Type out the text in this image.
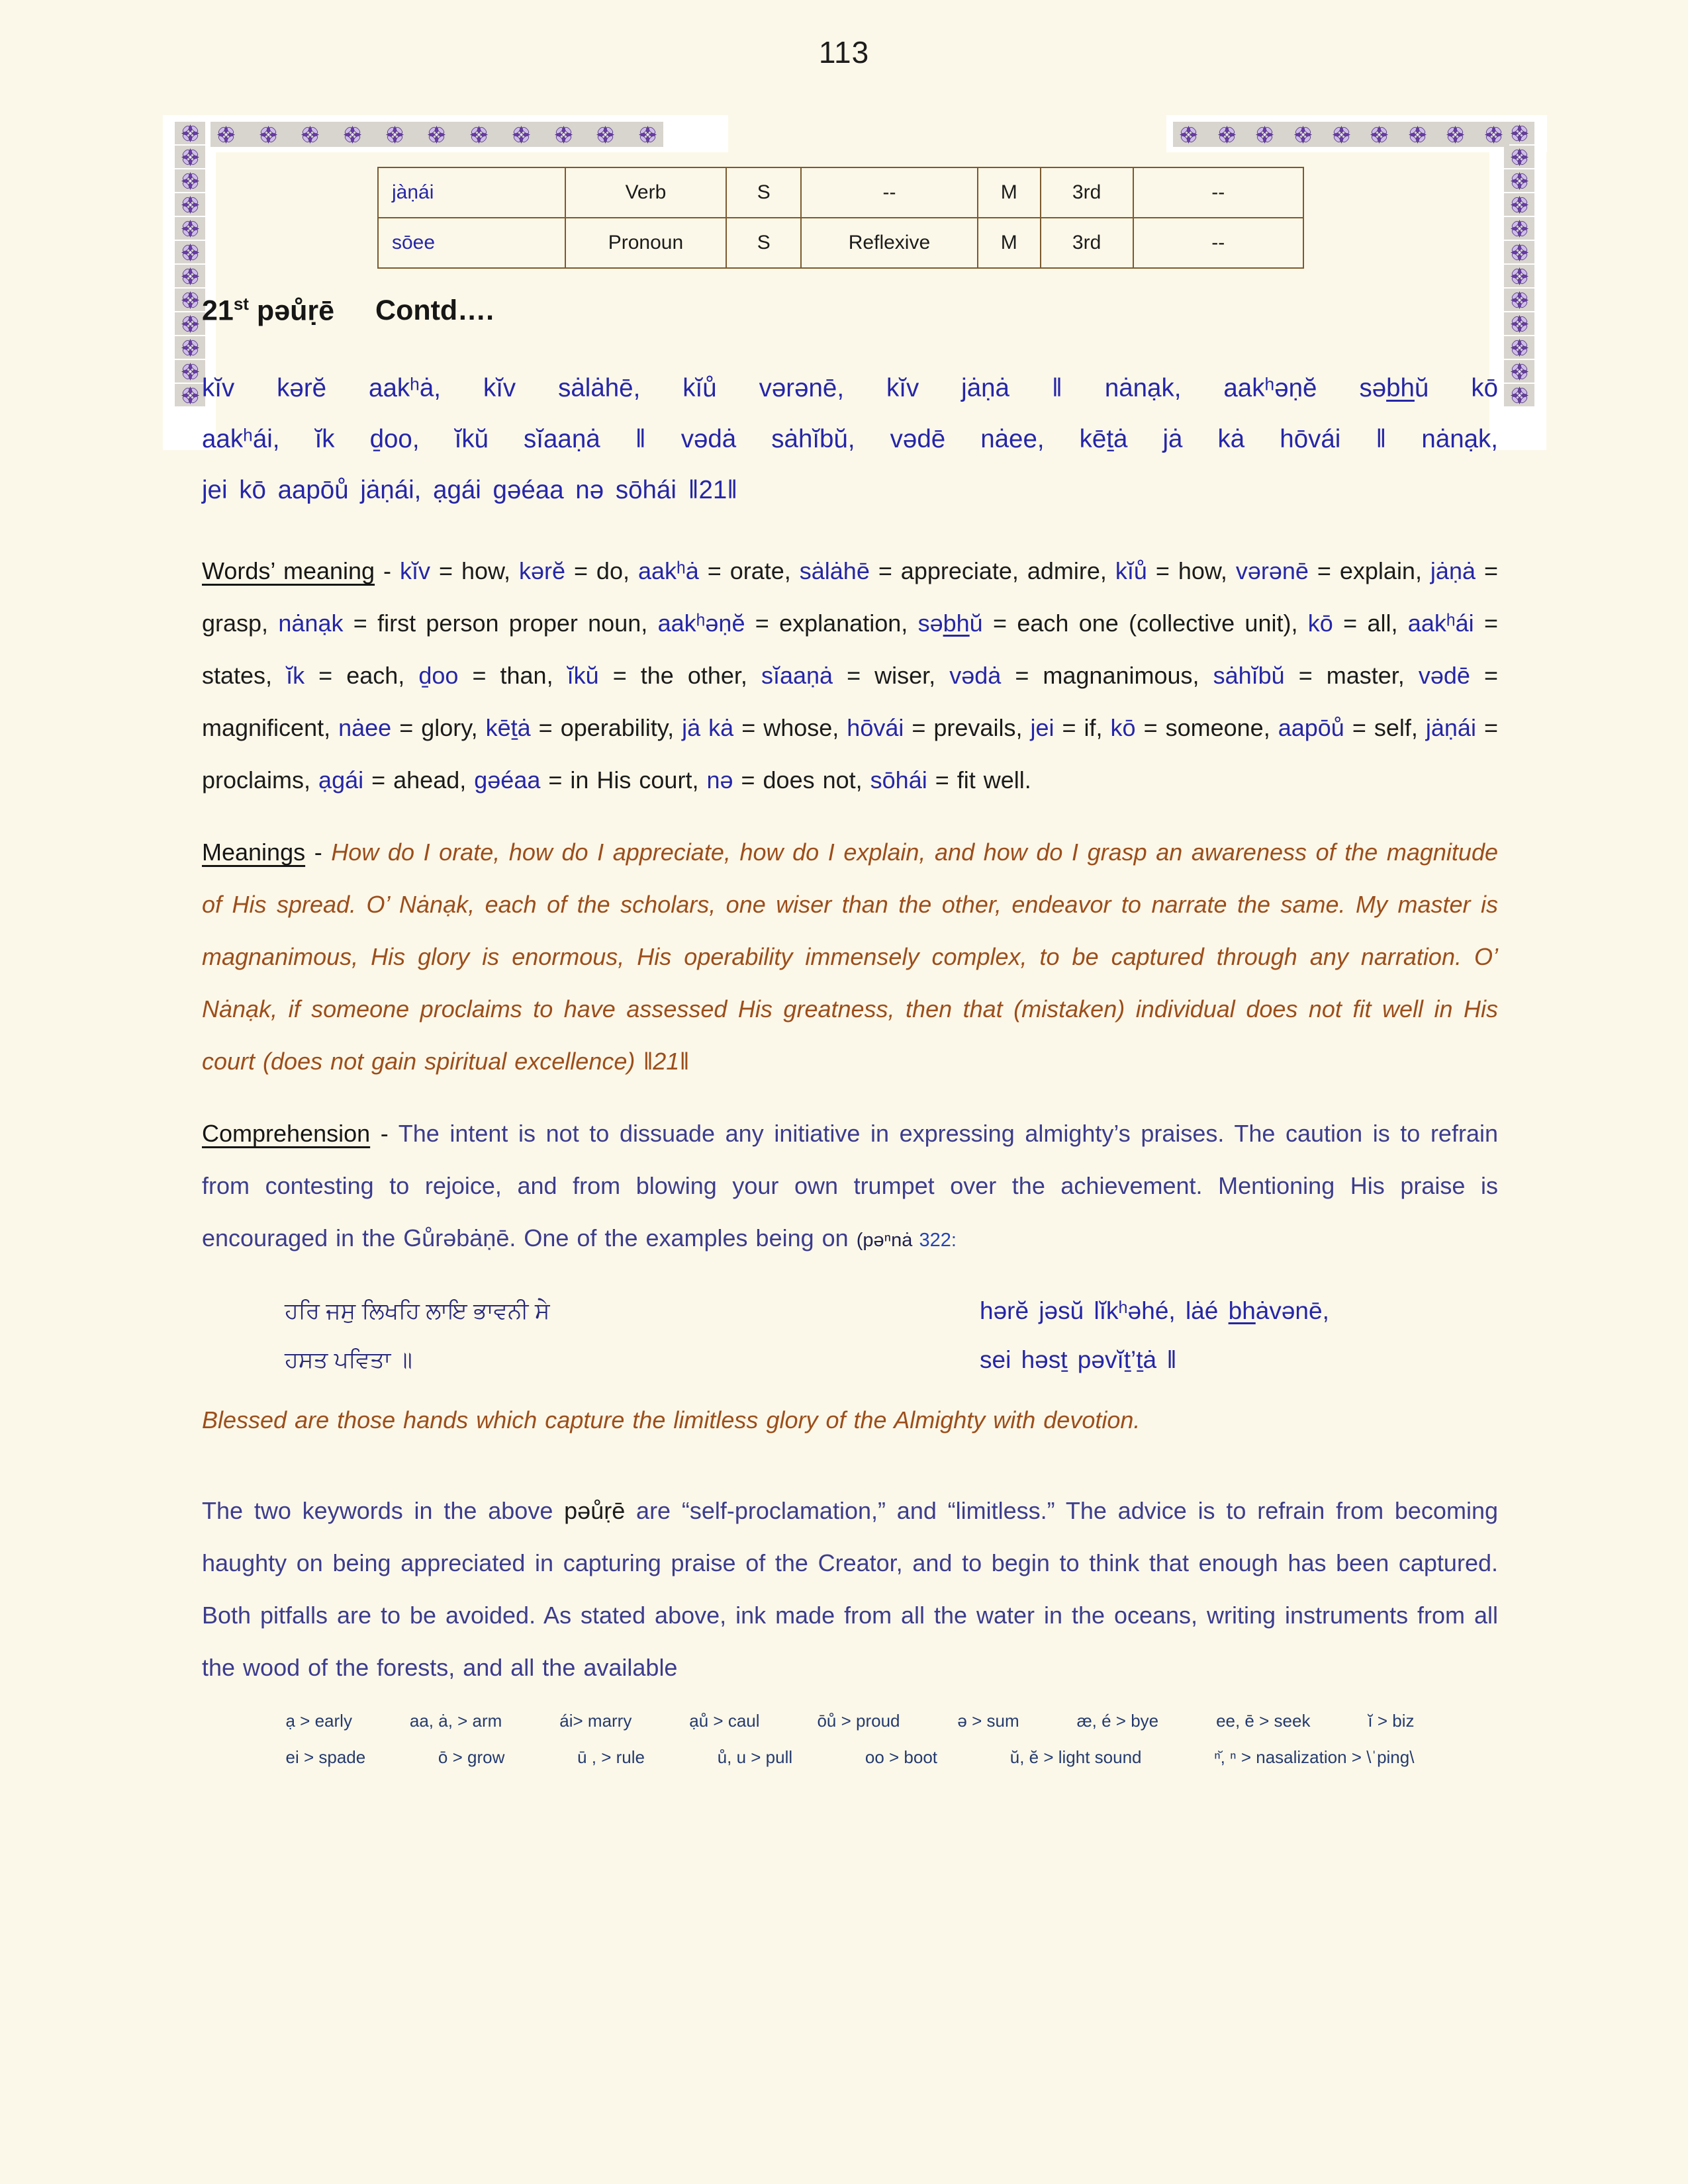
113
jàṇái	Verb	S	--	M	3rd	--
sōee	Pronoun	S	Reflexive	M	3rd	--
21st pəůṛē Contd….
kĭv kərĕ aakʰȧ, kĭv sȧlȧhē, kĭů vərənē, kĭv jȧṇȧ ǁ nȧnạk, aakʰəṇĕ səbhŭ kō
aakʰái, ĭk ḏoo, ĭkŭ sĭaaṇȧ ǁ vədȧ sȧhĭbŭ, vədē nȧee, kēṯȧ jȧ kȧ hōvái ǁ nȧnạk,
jei kō aapōů jȧṇái, ạgái gəéaa nə sōhái ǁ21ǁ

Words’ meaning - kĭv = how, kərĕ = do, aakʰȧ = orate, sȧlȧhē = appreciate, admire, kĭů = how, vərənē = explain, jȧṇȧ = grasp, nȧnạk = first person proper noun, aakʰəṇĕ = explanation, səbhŭ = each one (collective unit), kō = all, aakʰái = states, ĭk = each, ḏoo = than, ĭkŭ = the other, sĭaaṇȧ = wiser, vədȧ = magnanimous, sȧhĭbŭ = master, vədē = magnificent, nȧee = glory, kēṯȧ = operability, jȧ kȧ = whose, hōvái = prevails, jei = if, kō = someone, aapōů = self, jȧṇái = proclaims, ạgái = ahead, gəéaa = in His court, nə = does not, sōhái = fit well.

Meanings - How do I orate, how do I appreciate, how do I explain, and how do I grasp an awareness of the magnitude of His spread. O’ Nȧnạk, each of the scholars, one wiser than the other, endeavor to narrate the same. My master is magnanimous, His glory is enormous, His operability immensely complex, to be captured through any narration. O’ Nȧnạk, if someone proclaims to have assessed His greatness, then that (mistaken) individual does not fit well in His court (does not gain spiritual excellence) ǁ21ǁ

Comprehension - The intent is not to dissuade any initiative in expressing almighty’s praises. The caution is to refrain from contesting to rejoice, and from blowing your own trumpet over the achievement. Mentioning His praise is encouraged in the Gůrəbȧṇē. One of the examples being on (pəⁿnȧ 322:

ਹਰਿ ਜਸੁ ਲਿਖਹਿ ਲਾਇ ਭਾਵਨੀ ਸੇ
ਹਸਤ ਪਵਿਤਾ ॥
hərĕ jəsŭ lĭkʰəhé, lȧé bhȧvənē,
sei həsṯ pəvĭṯ’ṯȧ ǁ

Blessed are those hands which capture the limitless glory of the Almighty with devotion.

The two keywords in the above pəůṛē are “self-proclamation,” and “limitless.” The advice is to refrain from becoming haughty on being appreciated in capturing praise of the Creator, and to begin to think that enough has been captured. Both pitfalls are to be avoided. As stated above, ink made from all the water in the oceans, writing instruments from all the wood of the forests, and all the available

ạ > early	aa, ȧ, > arm	ái> marry	ạů > caul	ōů > proud	ə > sum	æ, é > bye	ee, ē > seek	ĭ > biz
ei > spade	ō > grow	ū , > rule	ů, u > pull	oo > boot	ŭ, ĕ > light sound	ⁿ̆, ⁿ > nasalization > \ˈping\
